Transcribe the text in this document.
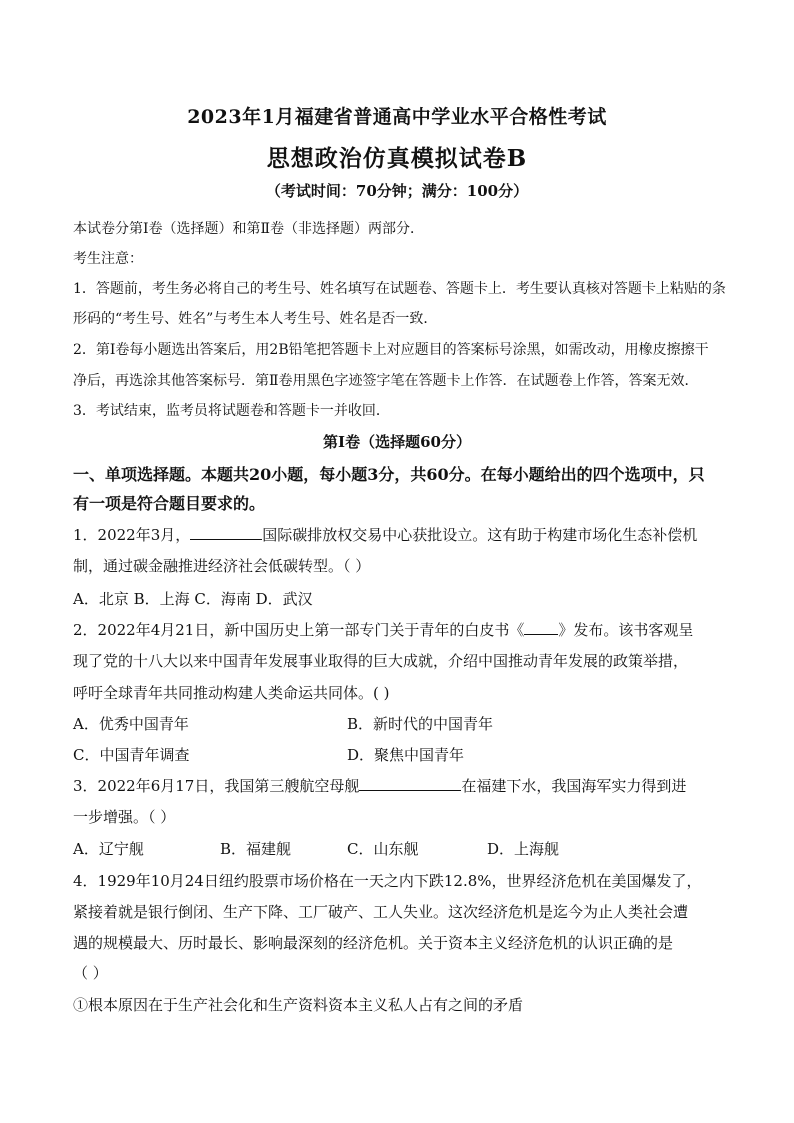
2023年1月福建省普通高中学业水平合格性考试
思想政治仿真模拟试卷B
（考试时间：70分钟；满分：100分）
本试卷分第Ⅰ卷（选择题）和第Ⅱ卷（非选择题）两部分．
考生注意：
1．答题前，考生务必将自己的考生号、姓名填写在试题卷、答题卡上．考生要认真核对答题卡上粘贴的条
形码的“考生号、姓名”与考生本人考生号、姓名是否一致．
2．第Ⅰ卷每小题选出答案后，用2B铅笔把答题卡上对应题目的答案标号涂黑，如需改动，用橡皮擦擦干
净后，再选涂其他答案标号．第Ⅱ卷用黑色字迹签字笔在答题卡上作答．在试题卷上作答，答案无效．
3．考试结束，监考员将试题卷和答题卡一并收回．
第Ⅰ卷（选择题60分）
一、单项选择题。本题共20小题，每小题3分，共60分。在每小题给出的四个选项中，只
有一项是符合题目要求的。
1．2022年3月，	国际碳排放权交易中心获批设立。这有助于构建市场化生态补偿机
制，通过碳金融推进经济社会低碳转型。（ ）
A．北京 B．上海 C．海南 D．武汉
2．2022年4月21日，新中国历史上第一部专门关于青年的白皮书《 》发布。该书客观呈
现了党的十八大以来中国青年发展事业取得的巨大成就，介绍中国推动青年发展的政策举措，
呼吁全球青年共同推动构建人类命运共同体。( )
A．优秀中国青年	B．新时代的中国青年
C．中国青年调查	D．聚焦中国青年
3．2022年6月17日，我国第三艘航空母舰	在福建下水，我国海军实力得到进
一步增强。（ ）
A．辽宁舰	B．福建舰	C．山东舰	D．上海舰
4．1929年10月24日纽约股票市场价格在一天之内下跌12.8%，世界经济危机在美国爆发了，
紧接着就是银行倒闭、生产下降、工厂破产、工人失业。这次经济危机是迄今为止人类社会遭
遇的规模最大、历时最长、影响最深刻的经济危机。关于资本主义经济危机的认识正确的是
（ ）
①根本原因在于生产社会化和生产资料资本主义私人占有之间的矛盾
